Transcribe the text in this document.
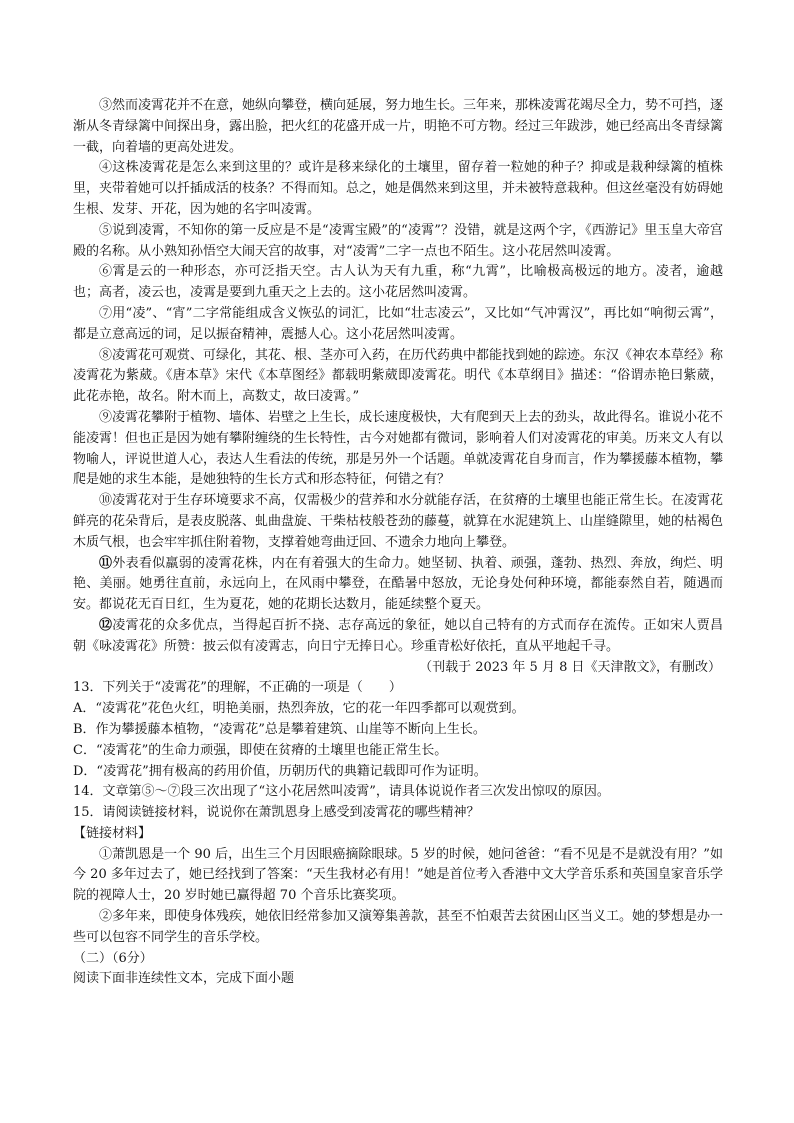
③然而凌霄花并不在意，她纵向攀登，横向延展，努力地生长。三年来，那株凌霄花竭尽全力，势不可挡，逐渐从冬青绿篱中间探出身，露出脸，把火红的花盛开成一片，明艳不可方物。经过三年跋涉，她已经高出冬青绿篱一截，向着墙的更高处进发。

④这株凌霄花是怎么来到这里的？或许是移来绿化的土壤里，留存着一粒她的种子？抑或是栽种绿篱的植株里，夹带着她可以扦插成活的枝条？不得而知。总之，她是偶然来到这里，并未被特意栽种。但这丝毫没有妨碍她生根、发芽、开花，因为她的名字叫凌霄。

⑤说到凌霄，不知你的第一反应是不是“凌霄宝殿”的“凌霄”？没错，就是这两个字，《西游记》里玉皇大帝宫殿的名称。从小熟知孙悟空大闹天宫的故事，对“凌霄”二字一点也不陌生。这小花居然叫凌霄。

⑥霄是云的一种形态，亦可泛指天空。古人认为天有九重，称“九霄”，比喻极高极远的地方。凌者，逾越也；高者，凌云也，凌霄是要到九重天之上去的。这小花居然叫凌霄。

⑦用“凌”、“宵”二字常能组成含义恢弘的词汇，比如“壮志凌云”，又比如“气冲霄汉”，再比如“响彻云霄”，都是立意高远的词，足以振奋精神，震撼人心。这小花居然叫凌霄。

⑧凌霄花可观赏、可绿化，其花、根、茎亦可入药，在历代药典中都能找到她的踪迹。东汉《神农本草经》称凌霄花为紫葳。《唐本草》宋代《本草图经》都载明紫葳即凌霄花。明代《本草纲目》描述：“俗谓赤艳曰紫葳，此花赤艳，故名。附木而上，高数丈，故曰凌霄。”

⑨凌霄花攀附于植物、墙体、岩壁之上生长，成长速度极快，大有爬到天上去的劲头，故此得名。谁说小花不能凌霄！但也正是因为她有攀附缠绕的生长特性，古今对她都有微词，影响着人们对凌霄花的审美。历来文人有以物喻人，评说世道人心，表达人生看法的传统，那是另外一个话题。单就凌霄花自身而言，作为攀援藤本植物，攀爬是她的求生本能，是她独特的生长方式和形态特征，何错之有？

⑩凌霄花对于生存环境要求不高，仅需极少的营养和水分就能存活，在贫瘠的土壤里也能正常生长。在凌霄花鲜亮的花朵背后，是表皮脱落、虬曲盘旋、干柴枯枝般苍劲的藤蔓，就算在水泥建筑上、山崖缝隙里，她的枯褐色木质气根，也会牢牢抓住附着物，支撑着她弯曲迂回、不遗余力地向上攀登。

⑪外表看似羸弱的凌霄花株，内在有着强大的生命力。她坚韧、执着、顽强，蓬勃、热烈、奔放，绚烂、明艳、美丽。她勇往直前，永远向上，在风雨中攀登，在酷暑中怒放，无论身处何种环境，都能泰然自若，随遇而安。都说花无百日红，生为夏花，她的花期长达数月，能延续整个夏天。

⑫凌霄花的众多优点，当得起百折不挠、志存高远的象征，她以自己特有的方式而存在流传。正如宋人贾昌朝《咏凌霄花》所赞：披云似有凌霄志，向日宁无捧日心。珍重青松好依托，直从平地起千寻。

（刊载于 2023 年 5 月 8 日《天津散文》，有删改）

13．下列关于“凌霄花”的理解，不正确的一项是（　　）

A．“凌霄花”花色火红，明艳美丽，热烈奔放，它的花一年四季都可以观赏到。

B．作为攀援藤本植物，“凌霄花”总是攀着建筑、山崖等不断向上生长。

C．“凌霄花”的生命力顽强，即使在贫瘠的土壤里也能正常生长。

D．“凌霄花”拥有极高的药用价值，历朝历代的典籍记载即可作为证明。

14．文章第⑤～⑦段三次出现了“这小花居然叫凌霄”，请具体说说作者三次发出惊叹的原因。

15．请阅读链接材料，说说你在萧凯恩身上感受到凌霄花的哪些精神？

【链接材料】

①萧凯恩是一个 90 后，出生三个月因眼癌摘除眼球。5 岁的时候，她问爸爸：“看不见是不是就没有用？”如今 20 多年过去了，她已经找到了答案：“天生我材必有用！”她是首位考入香港中文大学音乐系和英国皇家音乐学院的视障人士，20 岁时她已赢得超 70 个音乐比赛奖项。

②多年来，即使身体残疾，她依旧经常参加又演筹集善款，甚至不怕艰苦去贫困山区当义工。她的梦想是办一些可以包容不同学生的音乐学校。

（二）（6分）

阅读下面非连续性文本，完成下面小题
